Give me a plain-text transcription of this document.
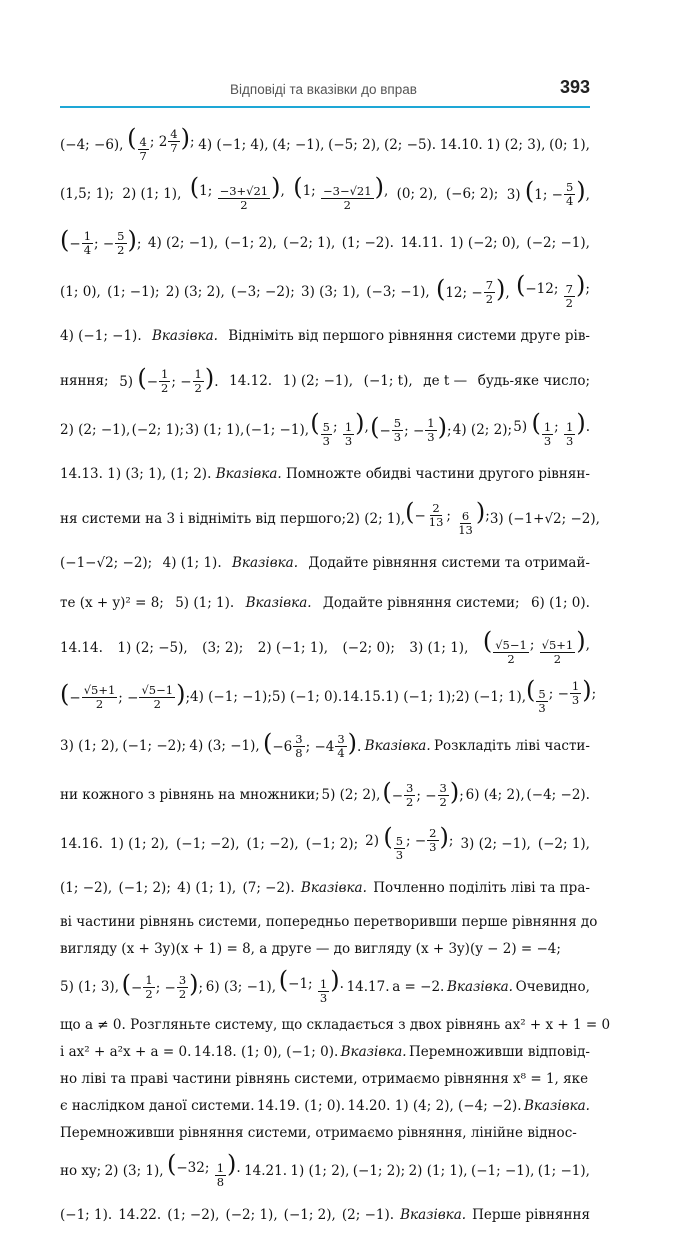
Відповіді та вказівки до вправ	393
(−4; −6), ( $\frac{4}{7}$ ; $2 \frac{4}{7}$ ); 4) (−1; 4), (4; −1), (−5; 2), (2; −5). 14.10. 1) (2; 3), (0; 1),
(1,5; 1); 2) (1; 1), (1; $\frac{-3+√21}{2}$ ), (1; $\frac{-3-√21}{2}$ ), (0; 2), (−6; 2); 3) (1; − $\frac{5}{4}$ ),
(− $\frac{1}{4}$ ; − $\frac{5}{2}$ ); 4) (2; −1), (−1; 2), (−2; 1), (1; −2). 14.11. 1) (−2; 0), (−2; −1),
(1; 0), (1; −1); 2) (3; 2), (−3; −2); 3) (3; 1), (−3; −1), (12; − $\frac{7}{2}$ ), (−12; $\frac{7}{2}$ );
4) (−1; −1). Вказівка. Відніміть від першого рівняння системи друге рів-
няння; 5) (− $\frac{1}{2}$ ; − $\frac{1}{2}$ ). 14.12. 1) (2; −1), (−1; t), де t — будь-яке число;
2) (2; −1), (−2; 1); 3) (1; 1), (−1; −1), ( $\frac{5}{3}$ ; $\frac{1}{3}$ ), (− $\frac{5}{3}$ ; − $\frac{1}{3}$ ); 4) (2; 2); 5) ( $\frac{1}{3}$ ; $\frac{1}{3}$ ).
14.13. 1) (3; 1), (1; 2). Вказівка. Помножте обидві частини другого рівнян-
ня системи на 3 і відніміть від першого; 2) (2; 1), (− $\frac{2}{13}$ ; $\frac{6}{13}$ ); 3) (−1+√2; −2),
(−1−√2; −2); 4) (1; 1). Вказівка. Додайте рівняння системи та отримай-
те (x + y)² = 8; 5) (1; 1). Вказівка. Додайте рівняння системи; 6) (1; 0).
14.14. 1) (2; −5), (3; 2); 2) (−1; 1), (−2; 0); 3) (1; 1), ( $\frac{√5-1}{2}$ ; $\frac{√5+1}{2}$ ),
(− $\frac{√5+1}{2}$ ; − $\frac{√5-1}{2}$ ); 4) (−1; −1); 5) (−1; 0). 14.15. 1) (−1; 1); 2) (−1; 1), ( $\frac{5}{3}$ ; − $\frac{1}{3}$ );
3) (1; 2), (−1; −2); 4) (3; −1), ($-6 \frac{3}{8}$ ; $-4 \frac{3}{4}$ ). Вказівка. Розкладіть ліві части-
ни кожного з рівнянь на множники; 5) (2; 2), (− $\frac{3}{2}$ ; − $\frac{3}{2}$ ); 6) (4; 2), (−4; −2).
14.16. 1) (1; 2), (−1; −2), (1; −2), (−1; 2); 2) ( $\frac{5}{3}$ ; − $\frac{2}{3}$ ); 3) (2; −1), (−2; 1),
(1; −2), (−1; 2); 4) (1; 1), (7; −2). Вказівка. Почленно поділіть ліві та пра-
ві частини рівнянь системи, попередньо перетворивши перше рівняння до
вигляду (x + 3y)(x + 1) = 8, а друге — до вигляду (x + 3y)(y − 2) = −4;
5) (1; 3), (− $\frac{1}{2}$ ; − $\frac{3}{2}$ ); 6) (3; −1), (−1; $\frac{1}{3}$ ). 14.17. a = −2. Вказівка. Очевидно,
що a ≠ 0. Розгляньте систему, що складається з двох рівнянь ax² + x + 1 = 0
і ax² + a²x + a = 0. 14.18. (1; 0), (−1; 0). Вказівка. Перемноживши відповід-
но ліві та праві частини рівнянь системи, отримаємо рівняння x⁸ = 1, яке
є наслідком даної системи. 14.19. (1; 0). 14.20. 1) (4; 2), (−4; −2). Вказівка.
Перемноживши рівняння системи, отримаємо рівняння, лінійне віднос-
но xy; 2) (3; 1), (−32; $\frac{1}{8}$ ). 14.21. 1) (1; 2), (−1; 2); 2) (1; 1), (−1; −1), (1; −1),
(−1; 1). 14.22. (1; −2), (−2; 1), (−1; 2), (2; −1). Вказівка. Перше рівняння
